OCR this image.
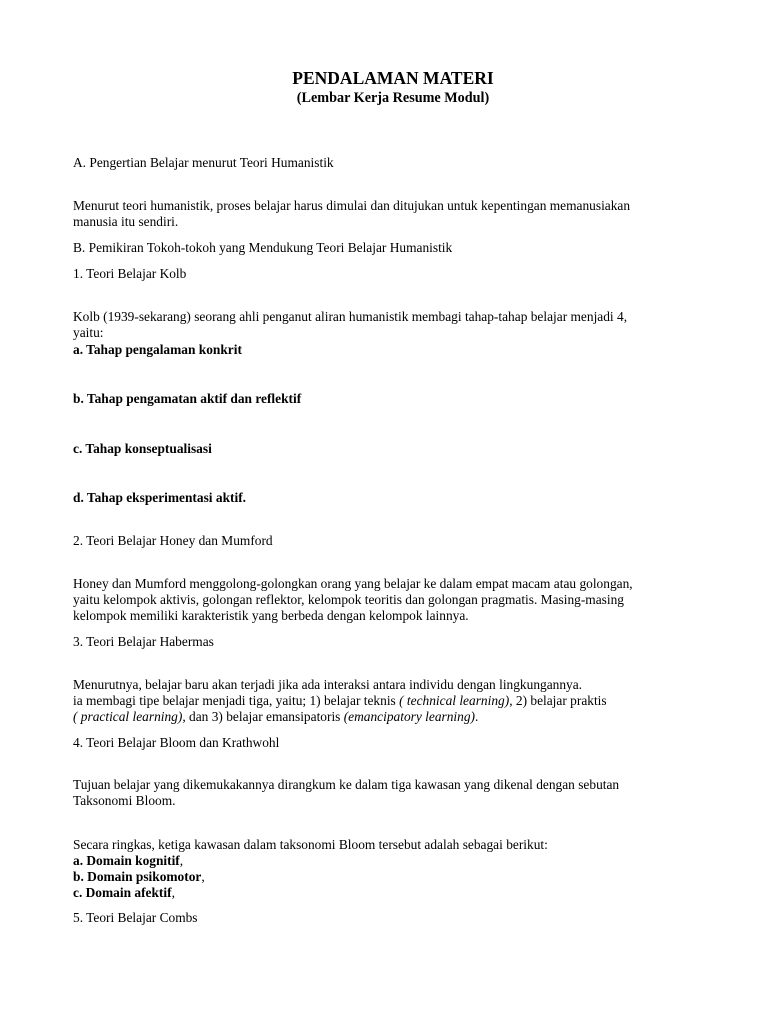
PENDALAMAN MATERI

(Lembar Kerja Resume Modul)

A. Pengertian Belajar menurut Teori Humanistik

Menurut teori humanistik, proses belajar harus dimulai dan ditujukan untuk kepentingan memanusiakan

manusia itu sendiri.

B. Pemikiran Tokoh-tokoh yang Mendukung Teori Belajar Humanistik

1. Teori Belajar Kolb

Kolb (1939-sekarang) seorang ahli penganut aliran humanistik membagi tahap-tahap belajar menjadi 4,

yaitu:

a. Tahap pengalaman konkrit

b. Tahap pengamatan aktif dan reflektif

c. Tahap konseptualisasi

d. Tahap eksperimentasi aktif.

2. Teori Belajar Honey dan Mumford

Honey dan Mumford menggolong-golongkan orang yang belajar ke dalam empat macam atau golongan,

yaitu kelompok aktivis, golongan reflektor, kelompok teoritis dan golongan pragmatis. Masing-masing

kelompok memiliki karakteristik yang berbeda dengan kelompok lainnya.

3. Teori Belajar Habermas

Menurutnya, belajar baru akan terjadi jika ada interaksi antara individu dengan lingkungannya.

ia membagi tipe belajar menjadi tiga, yaitu; 1) belajar teknis ( technical learning), 2) belajar praktis

( practical learning), dan 3) belajar emansipatoris (emancipatory learning).

4. Teori Belajar Bloom dan Krathwohl

Tujuan belajar yang dikemukakannya dirangkum ke dalam tiga kawasan yang dikenal dengan sebutan

Taksonomi Bloom.

Secara ringkas, ketiga kawasan dalam taksonomi Bloom tersebut adalah sebagai berikut:

a. Domain kognitif,

b. Domain psikomotor,

c. Domain afektif,

5. Teori Belajar Combs
